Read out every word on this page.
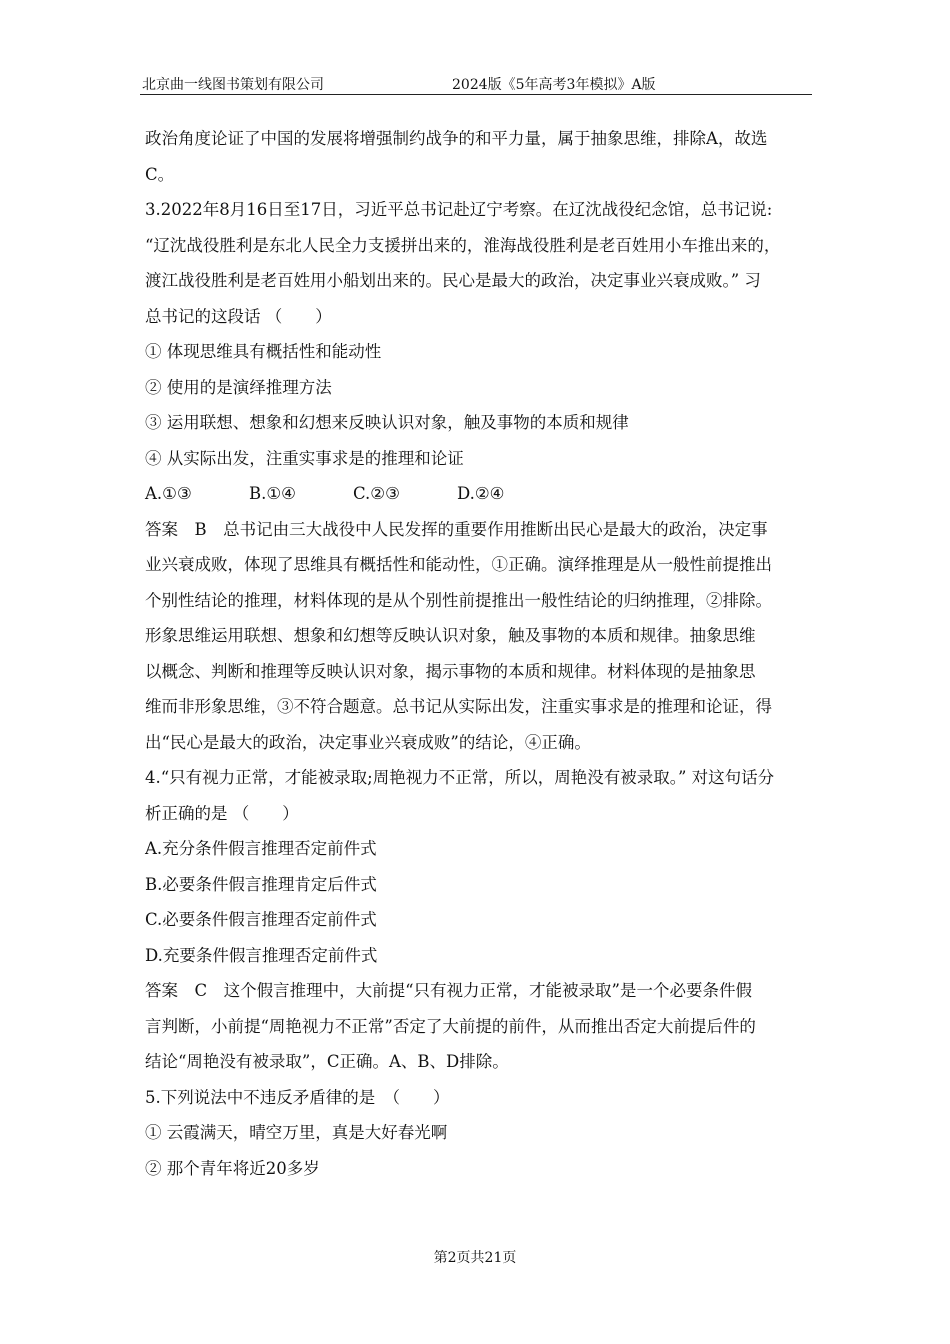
北京曲一线图书策划有限公司	2024版《5年高考3年模拟》A版
政治角度论证了中国的发展将增强制约战争的和平力量，属于抽象思维，排除A，故选
C。
3.2022年8月16日至17日，习近平总书记赴辽宁考察。在辽沈战役纪念馆，总书记说:
“辽沈战役胜利是东北人民全力支援拼出来的，淮海战役胜利是老百姓用小车推出来的，
渡江战役胜利是老百姓用小船划出来的。民心是最大的政治，决定事业兴衰成败。” 习
总书记的这段话 （　　）
① 体现思维具有概括性和能动性
② 使用的是演绎推理方法
③ 运用联想、想象和幻想来反映认识对象，触及事物的本质和规律
④ 从实际出发，注重实事求是的推理和论证
A.①③	B.①④	C.②③	D.②④
答案　B　总书记由三大战役中人民发挥的重要作用推断出民心是最大的政治，决定事
业兴衰成败，体现了思维具有概括性和能动性，①正确。演绎推理是从一般性前提推出
个别性结论的推理，材料体现的是从个别性前提推出一般性结论的归纳推理，②排除。
形象思维运用联想、想象和幻想等反映认识对象，触及事物的本质和规律。抽象思维
以概念、判断和推理等反映认识对象，揭示事物的本质和规律。材料体现的是抽象思
维而非形象思维，③不符合题意。总书记从实际出发，注重实事求是的推理和论证，得
出“民心是最大的政治，决定事业兴衰成败”的结论，④正确。
4.“只有视力正常，才能被录取;周艳视力不正常，所以，周艳没有被录取。” 对这句话分
析正确的是 （　　）
A.充分条件假言推理否定前件式
B.必要条件假言推理肯定后件式
C.必要条件假言推理否定前件式
D.充要条件假言推理否定前件式
答案　C　这个假言推理中，大前提“只有视力正常，才能被录取”是一个必要条件假
言判断，小前提“周艳视力不正常”否定了大前提的前件，从而推出否定大前提后件的
结论“周艳没有被录取”，C正确。A、B、D排除。
5.下列说法中不违反矛盾律的是　（　　）
① 云霞满天，晴空万里，真是大好春光啊
② 那个青年将近20多岁
第2页共21页
